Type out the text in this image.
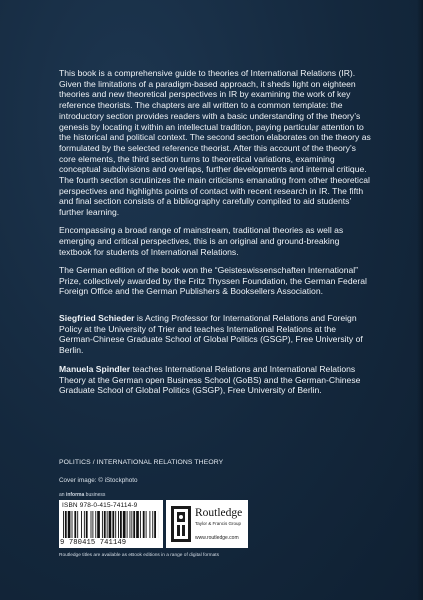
This book is a comprehensive guide to theories of International Relations (IR). Given the limitations of a paradigm-based approach, it sheds light on eighteen theories and new theoretical perspectives in IR by examining the work of key reference theorists. The chapters are all written to a common template: the introductory section provides readers with a basic understanding of the theory’s genesis by locating it within an intellectual tradition, paying particular attention to the historical and political context. The second section elaborates on the theory as formulated by the selected reference theorist. After this account of the theory’s core elements, the third section turns to theoretical variations, examining conceptual subdivisions and overlaps, further developments and internal critique. The fourth section scrutinizes the main criticisms emanating from other theoretical perspectives and highlights points of contact with recent research in IR. The fifth and final section consists of a bibliography carefully compiled to aid students’ further learning.

Encompassing a broad range of mainstream, traditional theories as well as emerging and critical perspectives, this is an original and ground-breaking textbook for students of International Relations.

The German edition of the book won the “Geisteswissenschaften International” Prize, collectively awarded by the Fritz Thyssen Foundation, the German Federal Foreign Office and the German Publishers & Booksellers Association.

Siegfried Schieder is Acting Professor for International Relations and Foreign Policy at the University of Trier and teaches International Relations at the German-Chinese Graduate School of Global Politics (GSGP), Free University of Berlin.

Manuela Spindler teaches International Relations and International Relations Theory at the German open Business School (GoBS) and the German-Chinese Graduate School of Global Politics (GSGP), Free University of Berlin.

POLITICS / INTERNATIONAL RELATIONS THEORY
Cover image: © iStockphoto
an informa business
ISBN 978-0-415-74114-9
9 780415 741149
Routledge
Taylor & Francis Group
www.routledge.com
Routledge titles are available as eBook editions in a range of digital formats
